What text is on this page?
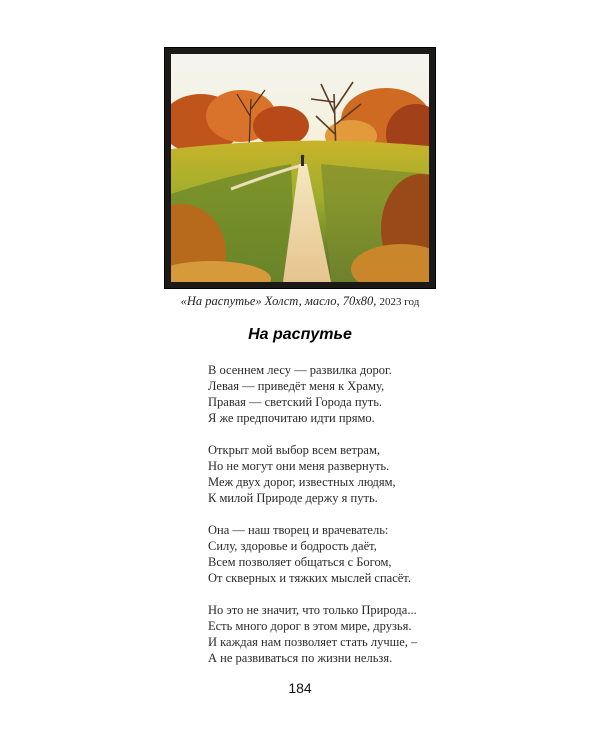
«На распутье» Холст, масло, 70x80, 2023 год
На распутье
В осеннем лесу — развилка дорог.
Левая — приведёт меня к Храму,
Правая — светский Города путь.
Я же предпочитаю идти прямо.
Открыт мой выбор всем ветрам,
Но не могут они меня развернуть.
Меж двух дорог, известных людям,
К милой Природе держу я путь.
Она — наш творец и врачеватель:
Силу, здоровье и бодрость даёт,
Всем позволяет общаться с Богом,
От скверных и тяжких мыслей спасёт.
Но это не значит, что только Природа...
Есть много дорог в этом мире, друзья.
И каждая нам позволяет стать лучше, –
А не развиваться по жизни нельзя.
184
